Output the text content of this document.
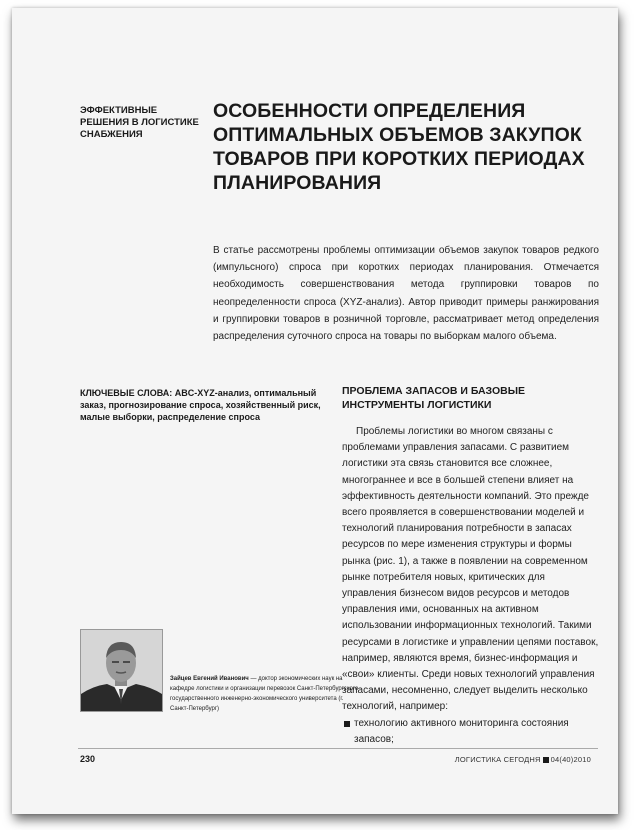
ЭФФЕКТИВНЫЕ РЕШЕНИЯ В ЛОГИСТИКЕ СНАБЖЕНИЯ
ОСОБЕННОСТИ ОПРЕДЕЛЕНИЯ ОПТИМАЛЬНЫХ ОБЪЕМОВ ЗАКУПОК ТОВАРОВ ПРИ КОРОТКИХ ПЕРИОДАХ ПЛАНИРОВАНИЯ
В статье рассмотрены проблемы оптимизации объемов закупок товаров редкого (импульсного) спроса при коротких периодах планирования. Отмечается необходимость совершенствования метода группировки товаров по неопределенности спроса (XYZ-анализ). Автор приводит примеры ранжирования и группировки товаров в розничной торговле, рассматривает метод определения распределения суточного спроса на товары по выборкам малого объема.
КЛЮЧЕВЫЕ СЛОВА: ABC-XYZ-анализ, оптимальный заказ, прогнозирование спроса, хозяйственный риск, малые выборки, распределение спроса
ПРОБЛЕМА ЗАПАСОВ И БАЗОВЫЕ ИНСТРУМЕНТЫ ЛОГИСТИКИ

Проблемы логистики во многом связаны с проблемами управления запасами. С развитием логистики эта связь становится все сложнее, многограннее и все в большей степени влияет на эффективность деятельности компаний. Это прежде всего проявляется в совершенствовании моделей и технологий планирования потребности в запасах ресурсов по мере изменения структуры и формы рынка (рис. 1), а также в появлении на современном рынке потребителя новых, критических для управления бизнесом видов ресурсов и методов управления ими, основанных на активном использовании информационных технологий. Такими ресурсами в логистике и управлении цепями поставок, например, являются время, бизнес-информация и «свои» клиенты. Среди новых технологий управления запасами, несомненно, следует выделить несколько технологий, например:

технологию активного мониторинга состояния запасов;
Зайцев Евгений Иванович — доктор экономических наук на кафедре логистики и организации перевозок Санкт-Петербургского государственного инженерно-экономического университета (г. Санкт-Петербург)
230	ЛОГИСТИКА СЕГОДНЯ 04(40)2010
